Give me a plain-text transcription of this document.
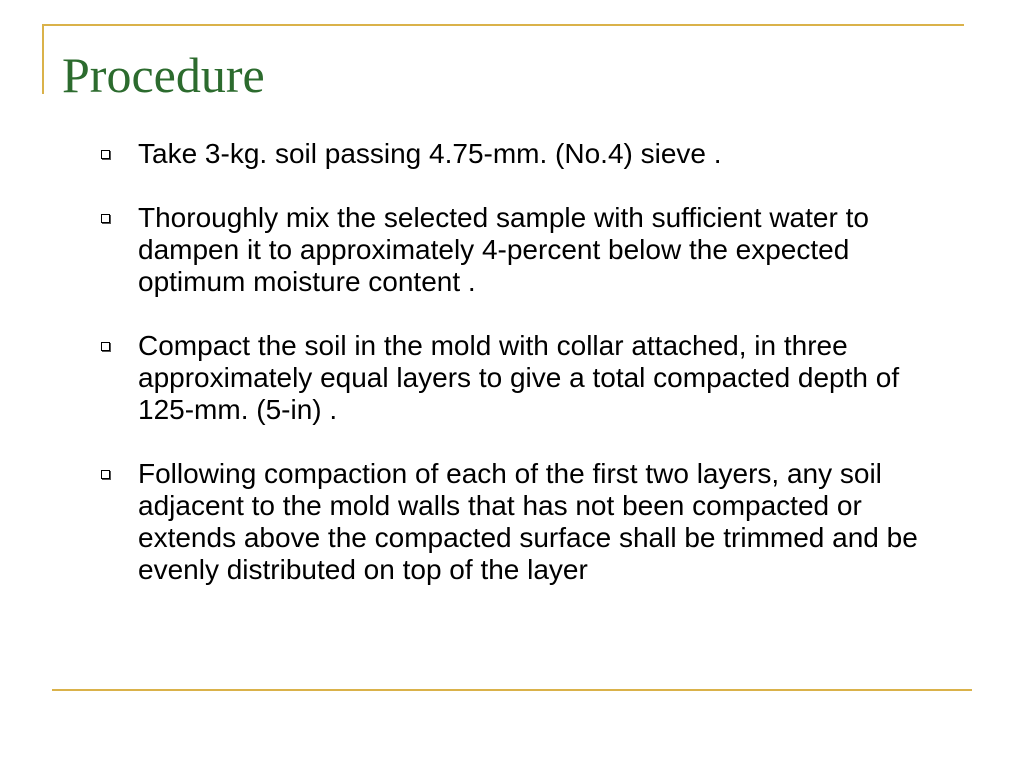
Procedure
Take 3-kg. soil passing 4.75-mm. (No.4) sieve .
Thoroughly mix the selected sample with sufficient water to dampen it to approximately 4-percent below the expected optimum moisture content .
Compact the soil in the mold with collar attached, in three approximately equal layers to give a total compacted depth of 125-mm. (5-in) .
Following compaction of each of the first two layers, any soil adjacent to the mold walls that has not been compacted or extends above the compacted surface shall be trimmed and be evenly distributed on top of the layer
